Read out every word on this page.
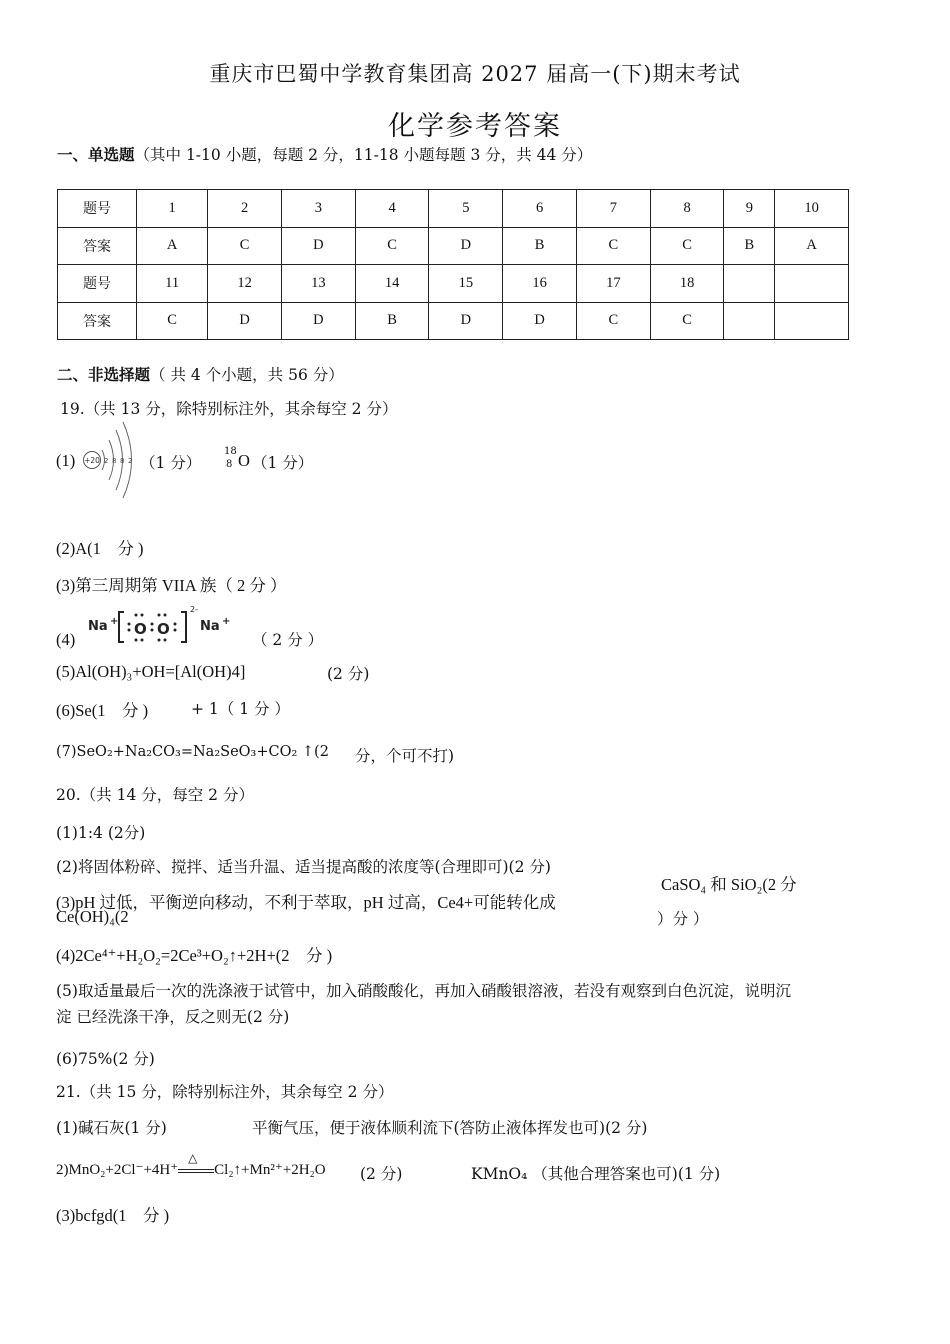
重庆市巴蜀中学教育集团高 2027 届高一(下)期末考试
化学参考答案
一、单选题（其中 1-10 小题，每题 2 分，11-18 小题每题 3 分，共 44 分）
题号	1	2	3	4	5	6	7	8	9	10
答案	A	C	D	C	D	B	C	C	B	A
题号	11	12	13	14	15	16	17	18		
答案	C	D	D	B	D	D	C	C		
二、非选择题（ 共 4 个小题，共 56 分）
19.（共 13 分，除特别标注外，其余每空 2 分）
(1) +20 2 8 8 2 （1 分）
18
8 O （1 分）
(2)A(1　分 )
(3)第三周期第 VIIA 族（ 2 分 ）
(4)
Na + O O
2-
Na +
（ 2 分 ）
(5)Al(OH)₃+OH=[Al(OH)4]	(2 分)
(6)Se(1　分 )	+ 1（ 1 分 ）
(7)SeO₂+Na₂CO₃=Na₂SeO₃+CO₂ ↑(2 分，个可不打)
20.（共 14 分，每空 2 分）
(1)1:4 (2分)
(2)将固体粉碎、搅拌、适当升温、适当提高酸的浓度等(合理即可)(2 分)
CaSO₄ 和 SiO₂(2 分
(3)pH 过低，平衡逆向移动，不利于萃取，pH 过高，Ce4+可能转化成
Ce(OH)₄(2	）分 ）
(4)2Ce⁴⁺+H₂O₂=2Ce³+O₂↑+2H+(2　分 )
(5)取适量最后一次的洗涤液于试管中，加入硝酸酸化，再加入硝酸银溶液，若没有观察到白色沉淀，说明沉
淀 已经洗涤干净，反之则无(2 分)
(6)75%(2 分)
21.（共 15 分，除特别标注外，其余每空 2 分）
(1)碱石灰(1 分)	平衡气压，便于液体顺利流下(答防止液体挥发也可)(2 分)
2)MnO₂+2Cl⁻+4H⁺
△
Cl₂↑+Mn²⁺+2H₂O (2 分)	KMnO₄ （其他合理答案也可)(1 分)
(3)bcfgd(1　分 )
